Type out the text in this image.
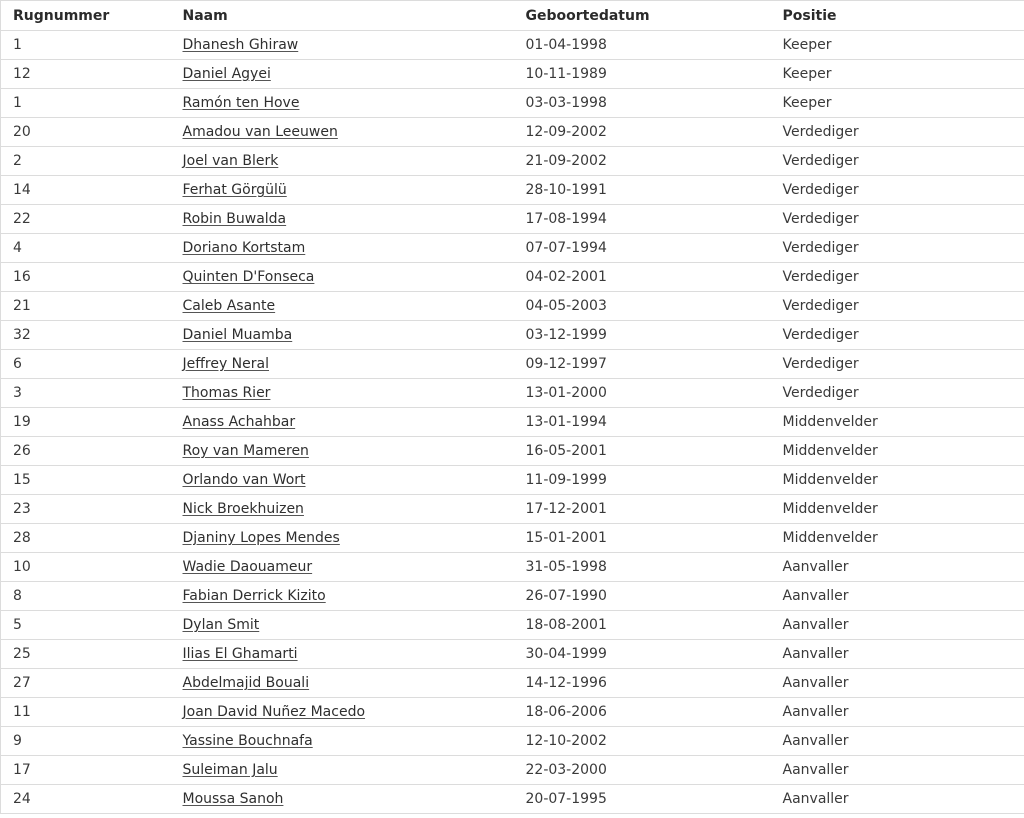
Rugnummer	Naam	Geboortedatum	Positie
1	Dhanesh Ghiraw	01-04-1998	Keeper
12	Daniel Agyei	10-11-1989	Keeper
1	Ramón ten Hove	03-03-1998	Keeper
20	Amadou van Leeuwen	12-09-2002	Verdediger
2	Joel van Blerk	21-09-2002	Verdediger
14	Ferhat Görgülü	28-10-1991	Verdediger
22	Robin Buwalda	17-08-1994	Verdediger
4	Doriano Kortstam	07-07-1994	Verdediger
16	Quinten D'Fonseca	04-02-2001	Verdediger
21	Caleb Asante	04-05-2003	Verdediger
32	Daniel Muamba	03-12-1999	Verdediger
6	Jeffrey Neral	09-12-1997	Verdediger
3	Thomas Rier	13-01-2000	Verdediger
19	Anass Achahbar	13-01-1994	Middenvelder
26	Roy van Mameren	16-05-2001	Middenvelder
15	Orlando van Wort	11-09-1999	Middenvelder
23	Nick Broekhuizen	17-12-2001	Middenvelder
28	Djaniny Lopes Mendes	15-01-2001	Middenvelder
10	Wadie Daouameur	31-05-1998	Aanvaller
8	Fabian Derrick Kizito	26-07-1990	Aanvaller
5	Dylan Smit	18-08-2001	Aanvaller
25	Ilias El Ghamarti	30-04-1999	Aanvaller
27	Abdelmajid Bouali	14-12-1996	Aanvaller
11	Joan David Nuñez Macedo	18-06-2006	Aanvaller
9	Yassine Bouchnafa	12-10-2002	Aanvaller
17	Suleiman Jalu	22-03-2000	Aanvaller
24	Moussa Sanoh	20-07-1995	Aanvaller
